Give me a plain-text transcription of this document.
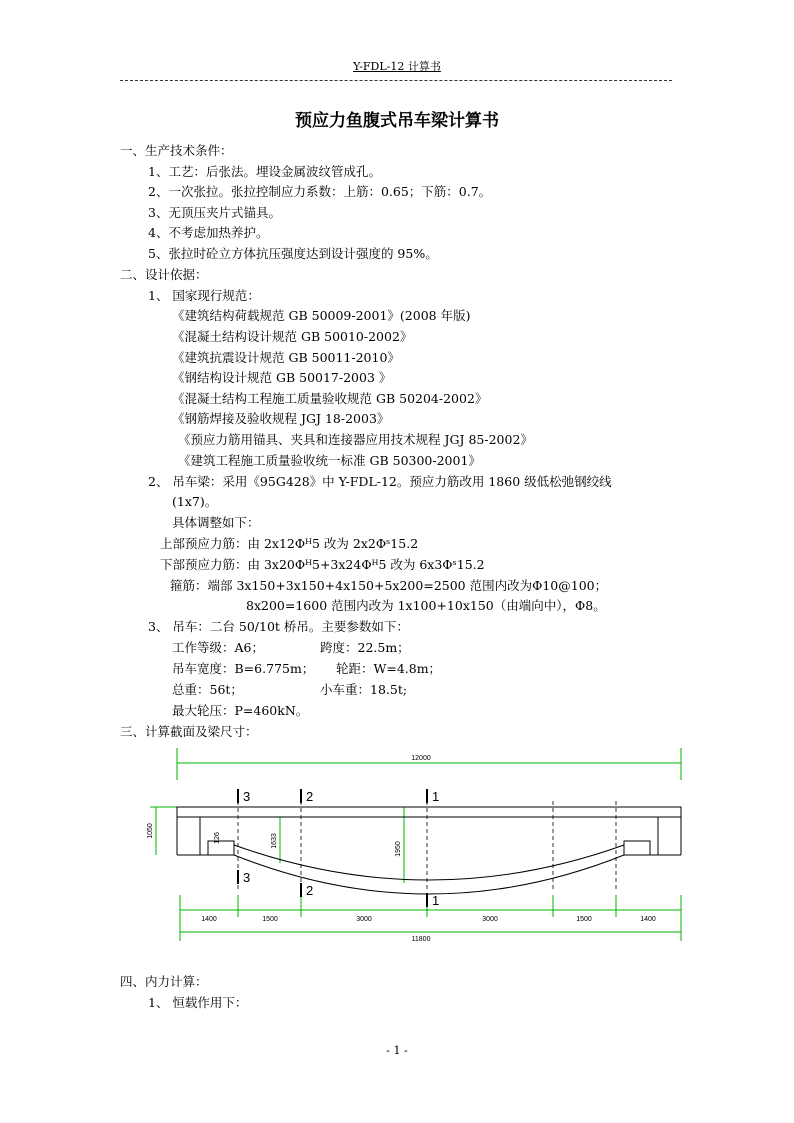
Y-FDL-12 计算书
预应力鱼腹式吊车梁计算书
一、生产技术条件：
1、工艺：后张法。埋设金属波纹管成孔。
2、一次张拉。张拉控制应力系数：上筋：0.65；下筋：0.7。
3、无顶压夹片式锚具。
4、不考虑加热养护。
5、张拉时砼立方体抗压强度达到设计强度的 95%。
二、设计依据：
1、 国家现行规范：
《建筑结构荷载规范 GB 50009-2001》(2008 年版)
《混凝土结构设计规范 GB 50010-2002》
《建筑抗震设计规范 GB 50011-2010》
《钢结构设计规范 GB 50017-2003 》
《混凝土结构工程施工质量验收规范 GB 50204-2002》
《钢筋焊接及验收规程 JGJ 18-2003》
《预应力筋用锚具、夹具和连接器应用技术规程 JGJ 85-2002》
《建筑工程施工质量验收统一标准 GB 50300-2001》
2、 吊车梁：采用《95G428》中 Y-FDL-12。预应力筋改用 1860 级低松弛钢绞线
(1x7)。
具体调整如下：
上部预应力筋：由 2x12Φᴴ5 改为 2x2Φˢ15.2
下部预应力筋：由 3x20Φᴴ5+3x24Φᴴ5 改为 6x3Φˢ15.2
箍筋：端部 3x150+3x150+4x150+5x200=2500 范围内改为Φ10@100；
8x200=1600 范围内改为 1x100+10x150（由端向中），Φ8。
3、 吊车：二台 50/10t 桥吊。主要参数如下：
工作等级：A6；	跨度：22.5m；
吊车宽度：B=6.775m； 轮距：W=4.8m；
总重：56t；	小车重：18.5t;
最大轮压：P=460kN。
三、计算截面及梁尺寸：
3
3
2
2
1
1
12000
11800
1400	1500	3000	3000	1500	1400
1050	126	1633
1950
四、内力计算：
1、 恒载作用下：
- 1 -
